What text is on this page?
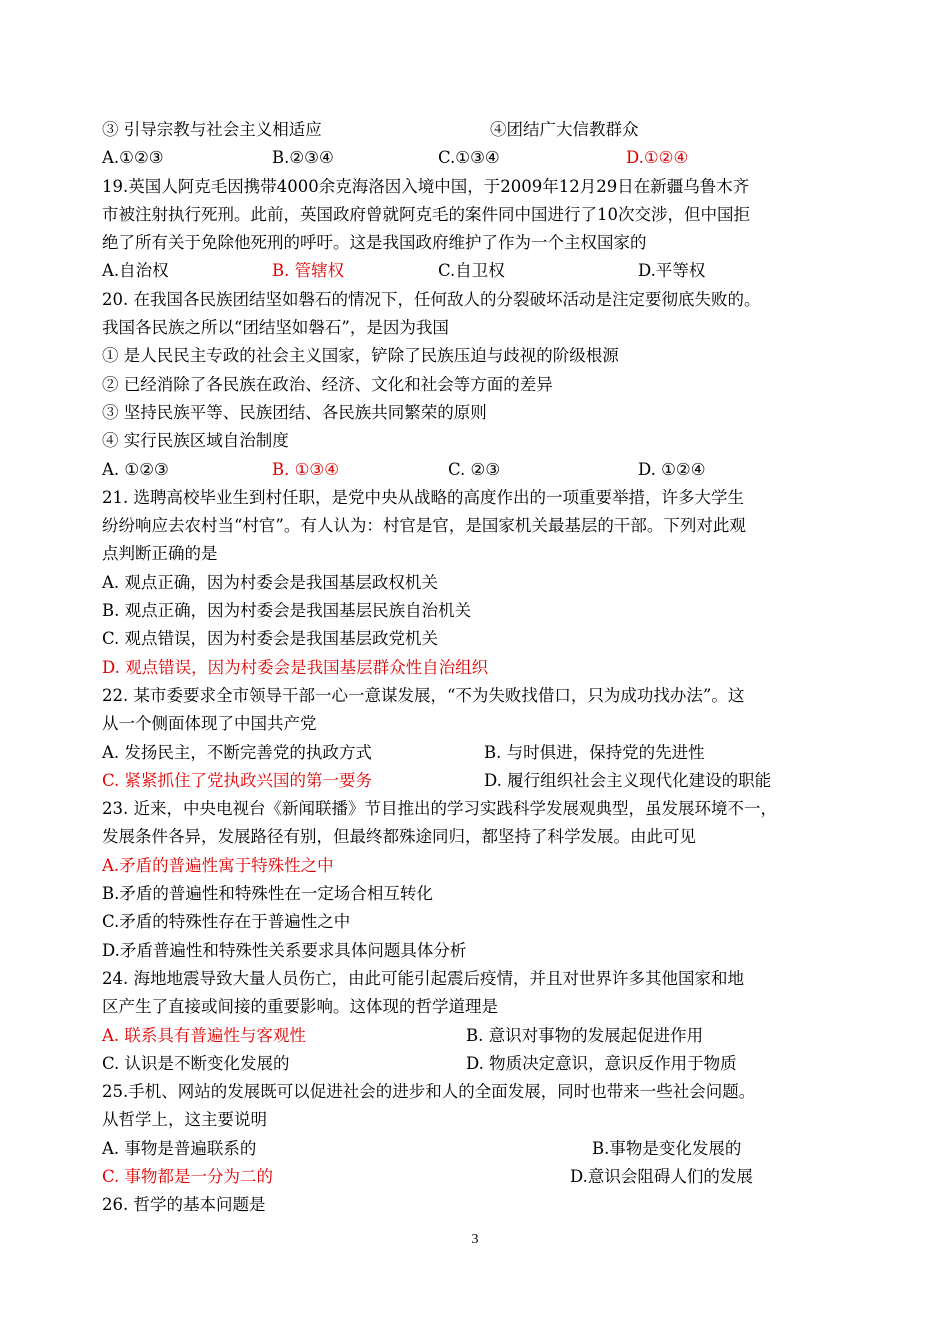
③ 引导宗教与社会主义相适应	④团结广大信教群众
A.①②③	B.②③④	C.①③④	D.①②④
19.英国人阿克毛因携带4000余克海洛因入境中国，于2009年12月29日在新疆乌鲁木齐
市被注射执行死刑。此前，英国政府曾就阿克毛的案件同中国进行了10次交涉，但中国拒
绝了所有关于免除他死刑的呼吁。这是我国政府维护了作为一个主权国家的
A.自治权	B. 管辖权	C.自卫权	D.平等权
20. 在我国各民族团结坚如磐石的情况下，任何敌人的分裂破坏活动是注定要彻底失败的。
我国各民族之所以“团结坚如磐石”，是因为我国
① 是人民民主专政的社会主义国家，铲除了民族压迫与歧视的阶级根源
② 已经消除了各民族在政治、经济、文化和社会等方面的差异
③ 坚持民族平等、民族团结、各民族共同繁荣的原则
④ 实行民族区域自治制度
A. ①②③	B. ①③④	C. ②③	D. ①②④
21. 选聘高校毕业生到村任职，是党中央从战略的高度作出的一项重要举措，许多大学生
纷纷响应去农村当“村官”。有人认为：村官是官，是国家机关最基层的干部。下列对此观
点判断正确的是
A. 观点正确，因为村委会是我国基层政权机关
B. 观点正确，因为村委会是我国基层民族自治机关
C. 观点错误，因为村委会是我国基层政党机关
D. 观点错误，因为村委会是我国基层群众性自治组织
22. 某市委要求全市领导干部一心一意谋发展，“不为失败找借口，只为成功找办法”。这
从一个侧面体现了中国共产党
A. 发扬民主，不断完善党的执政方式	B. 与时俱进，保持党的先进性
C. 紧紧抓住了党执政兴国的第一要务	D. 履行组织社会主义现代化建设的职能
23. 近来，中央电视台《新闻联播》节目推出的学习实践科学发展观典型，虽发展环境不一，
发展条件各异，发展路径有别，但最终都殊途同归，都坚持了科学发展。由此可见
A.矛盾的普遍性寓于特殊性之中
B.矛盾的普遍性和特殊性在一定场合相互转化
C.矛盾的特殊性存在于普遍性之中
D.矛盾普遍性和特殊性关系要求具体问题具体分析
24. 海地地震导致大量人员伤亡，由此可能引起震后疫情，并且对世界许多其他国家和地
区产生了直接或间接的重要影响。这体现的哲学道理是
A. 联系具有普遍性与客观性	B. 意识对事物的发展起促进作用
C. 认识是不断变化发展的	D. 物质决定意识，意识反作用于物质
25.手机、网站的发展既可以促进社会的进步和人的全面发展，同时也带来一些社会问题。
从哲学上，这主要说明
A. 事物是普遍联系的	B.事物是变化发展的
C. 事物都是一分为二的	D.意识会阻碍人们的发展
26. 哲学的基本问题是
3
